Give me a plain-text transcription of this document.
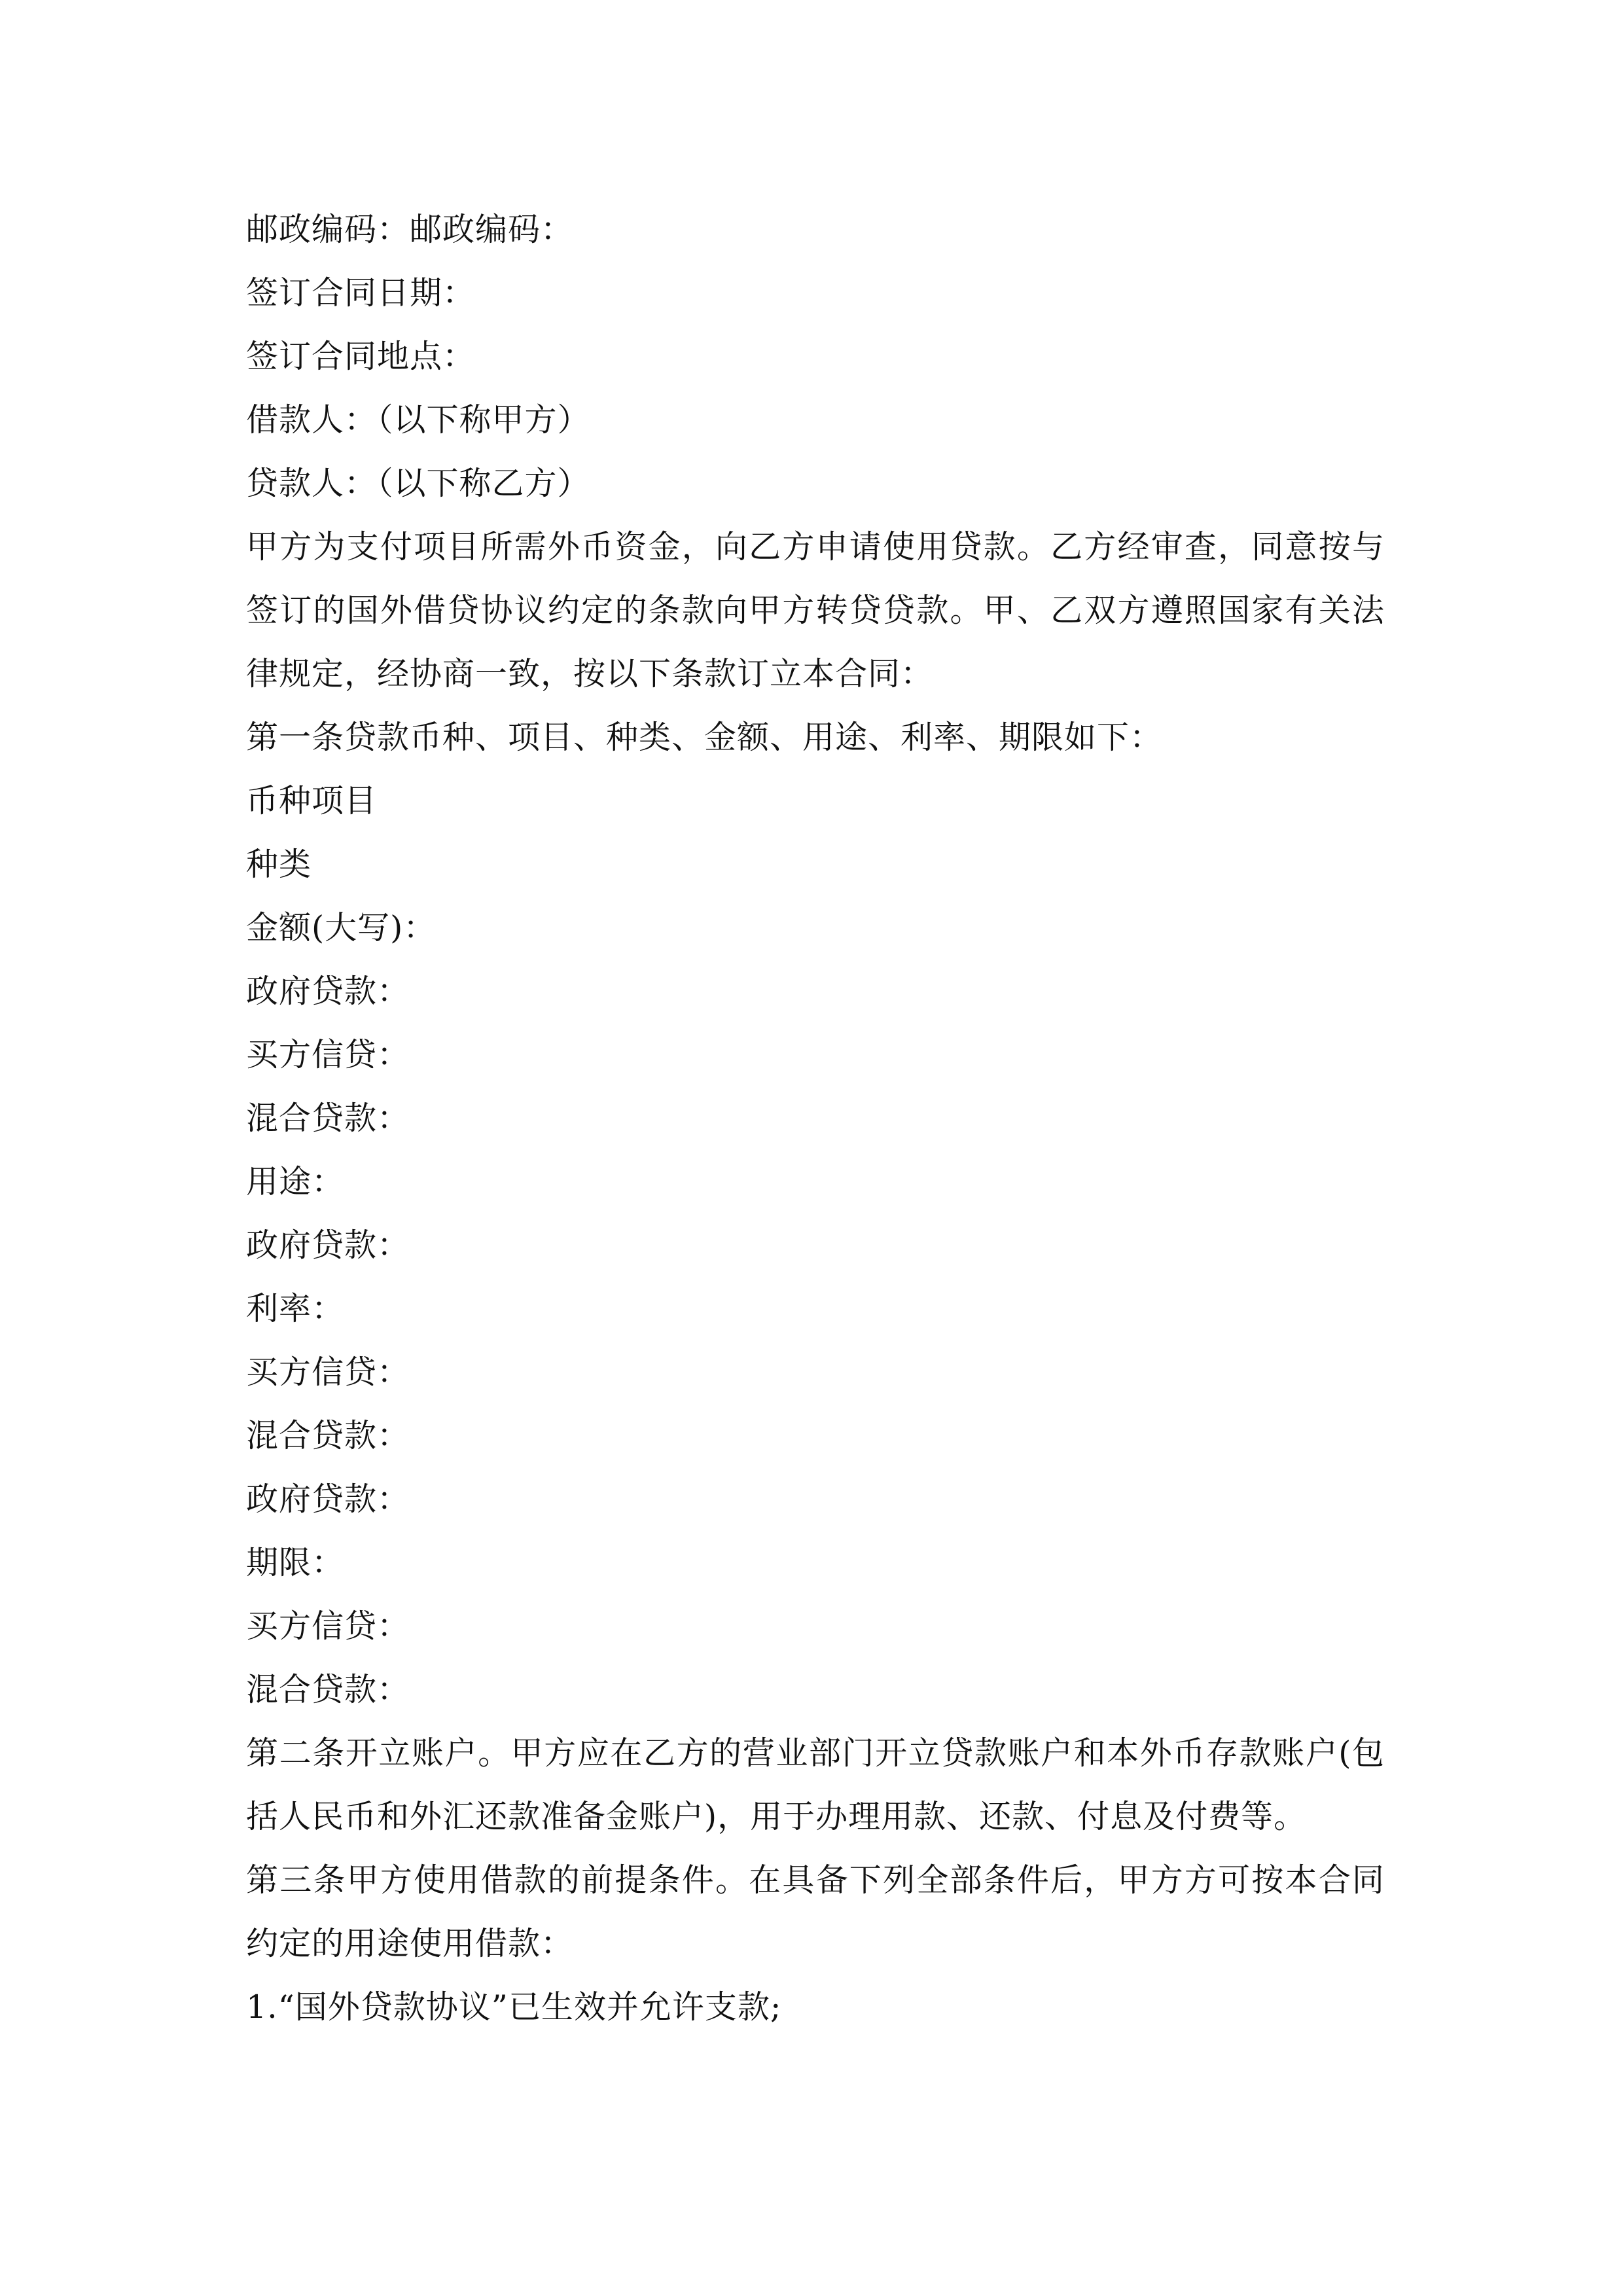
邮政编码：邮政编码：

签订合同日期：

签订合同地点：

借款人：（以下称甲方）

贷款人：（以下称乙方）

甲方为支付项目所需外币资金，向乙方申请使用贷款。乙方经审查，同意按与签订的国外借贷协议约定的条款向甲方转贷贷款。甲、乙双方遵照国家有关法律规定，经协商一致，按以下条款订立本合同：

第一条贷款币种、项目、种类、金额、用途、利率、期限如下：

币种项目

种类

金额(大写)：

政府贷款：

买方信贷：

混合贷款：

用途：

政府贷款：

利率：

买方信贷：

混合贷款：

政府贷款：

期限：

买方信贷：

混合贷款：

第二条开立账户。甲方应在乙方的营业部门开立贷款账户和本外币存款账户(包括人民币和外汇还款准备金账户)，用于办理用款、还款、付息及付费等。

第三条甲方使用借款的前提条件。在具备下列全部条件后，甲方方可按本合同约定的用途使用借款：

1.“国外贷款协议”已生效并允许支款;
